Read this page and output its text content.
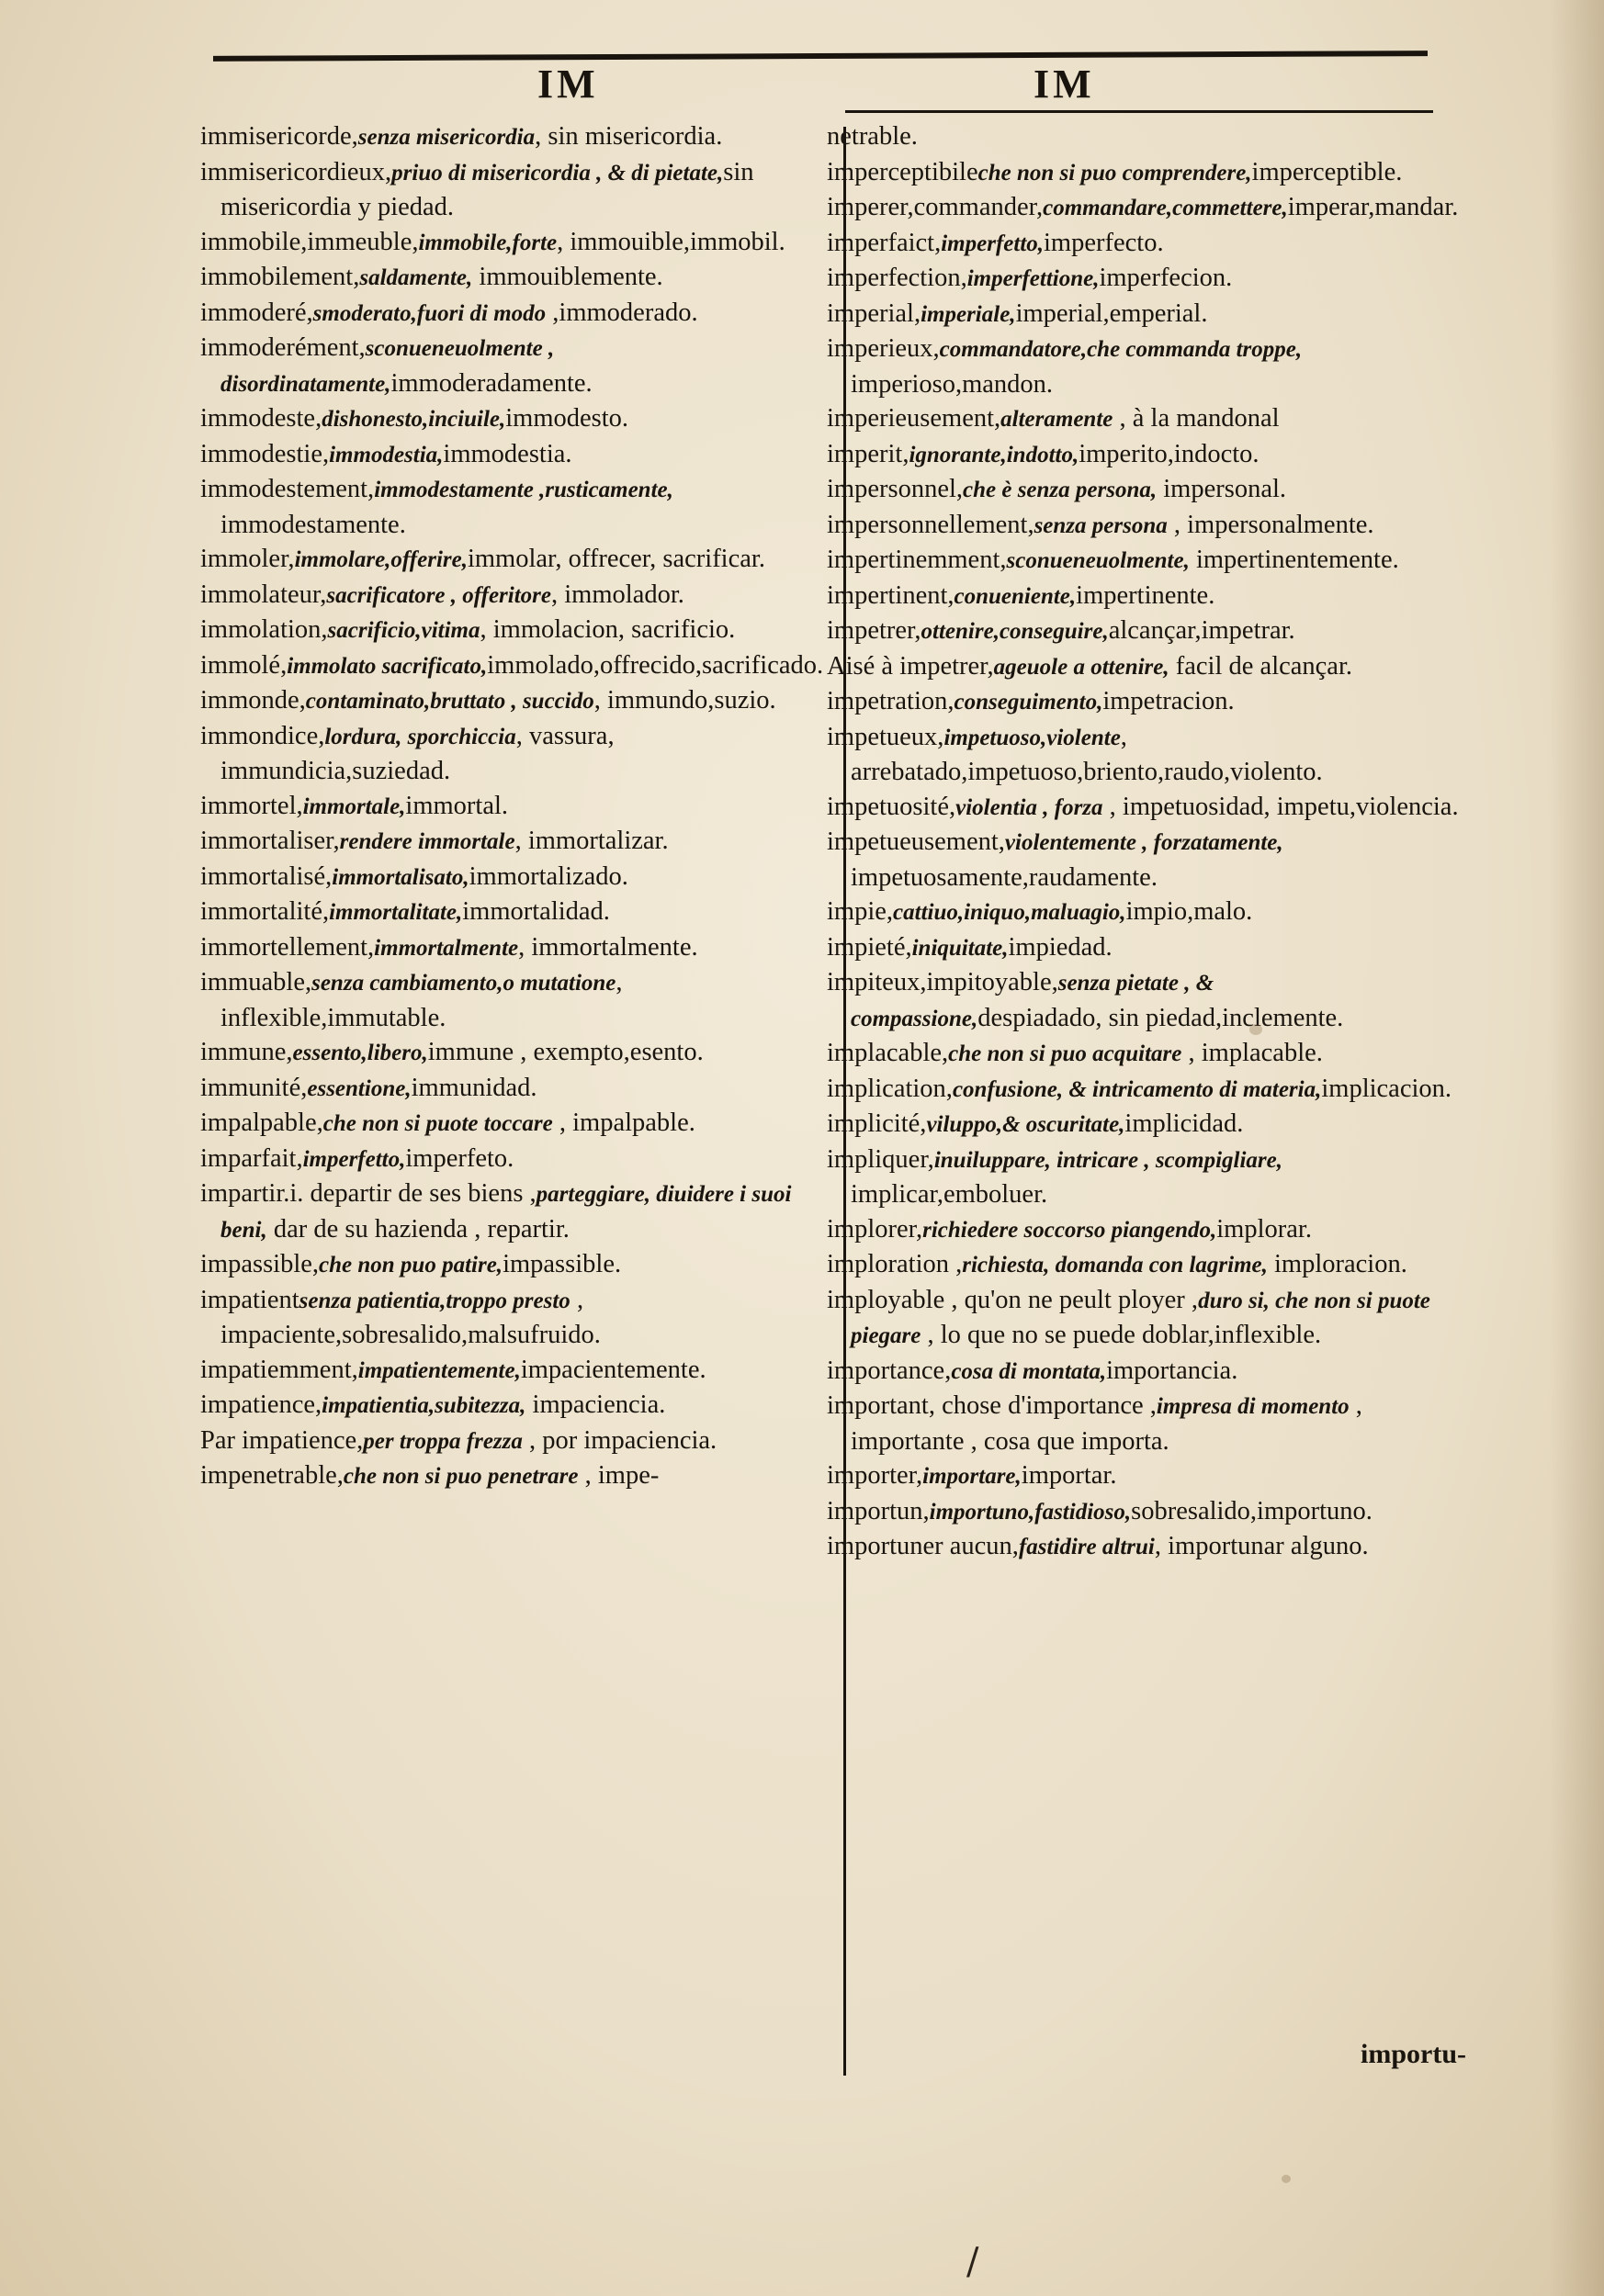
IM	IM

immisericorde,senza misericordia, sin misericordia.

immisericordieux,priuo di misericordia , & di pietate,sin misericordia y piedad.

immobile,immeuble,immobile,forte, immouible,immobil.

immobilement,saldamente, immouiblemente.

immoderé,smoderato,fuori di modo ,immoderado.

immoderément,sconueneuolmente , disordinatamente,immoderadamente.

immodeste,dishonesto,inciuile,immodesto.

immodestie,immodestia,immodestia.

immodestement,immodestamente ,rusticamente, immodestamente.

immoler,immolare,offerire,immolar, offrecer, sacrificar.

immolateur,sacrificatore , offeritore, immolador.

immolation,sacrificio,vitima, immolacion, sacrificio.

immolé,immolato sacrificato,immolado,offrecido,sacrificado.

immonde,contaminato,bruttato , succido, immundo,suzio.

immondice,lordura, sporchiccia, vassura, immundicia,suziedad.

immortel,immortale,immortal.

immortaliser,rendere immortale, immortalizar.

immortalisé,immortalisato,immortalizado.

immortalité,immortalitate,immortalidad.

immortellement,immortalmente, immortalmente.

immuable,senza cambiamento,o mutatione, inflexible,immutable.

immune,essento,libero,immune , exempto,esento.

immunité,essentione,immunidad.

impalpable,che non si puote toccare , impalpable.

imparfait,imperfetto,imperfeto.

impartir.i. departir de ses biens ,parteggiare, diuidere i suoi beni, dar de su hazienda , repartir.

impassible,che non puo patire,impassible.

impatientsenza patientia,troppo presto , impaciente,sobresalido,malsufruido.

impatiemment,impatientemente,impacientemente.

impatience,impatientia,subitezza, impaciencia.

Par impatience,per troppa frezza , por impaciencia.

impenetrable,che non si puo penetrare , impe-

netrable.

imperceptibileche non si puo comprendere,imperceptible.

imperer,commander,commandare,commettere,imperar,mandar.

imperfaict,imperfetto,imperfecto.

imperfection,imperfettione,imperfecion.

imperial,imperiale,imperial,emperial.

imperieux,commandatore,che commanda troppe, imperioso,mandon.

imperieusement,alteramente , à la mandonal

imperit,ignorante,indotto,imperito,indocto.

impersonnel,che è senza persona, impersonal.

impersonnellement,senza persona , impersonalmente.

impertinemment,sconueneuolmente, impertinentemente.

impertinent,conueniente,impertinente.

impetrer,ottenire,conseguire,alcançar,impetrar.

Aisé à impetrer,ageuole a ottenire, facil de alcançar.

impetration,conseguimento,impetracion.

impetueux,impetuoso,violente, arrebatado,impetuoso,briento,raudo,violento.

impetuosité,violentia , forza , impetuosidad, impetu,violencia.

impetueusement,violentemente , forzatamente, impetuosamente,raudamente.

impie,cattiuo,iniquo,maluagio,impio,malo.

impieté,iniquitate,impiedad.

impiteux,impitoyable,senza pietate , & compassione,despiadado, sin piedad,inclemente.

implacable,che non si puo acquitare , implacable.

implication,confusione, & intricamento di materia,implicacion.

implicité,viluppo,& oscuritate,implicidad.

impliquer,inuiluppare, intricare , scompigliare, implicar,emboluer.

implorer,richiedere soccorso piangendo,implorar.

imploration ,richiesta, domanda con lagrime, imploracion.

imployable , qu'on ne peult ployer ,duro si, che non si puote piegare , lo que no se puede doblar,inflexible.

importance,cosa di montata,importancia.

important, chose d'importance ,impresa di momento , importante , cosa que importa.

importer,importare,importar.

importun,importuno,fastidioso,sobresalido,importuno.

importuner aucun,fastidire altrui, importunar alguno.

importu-
/
